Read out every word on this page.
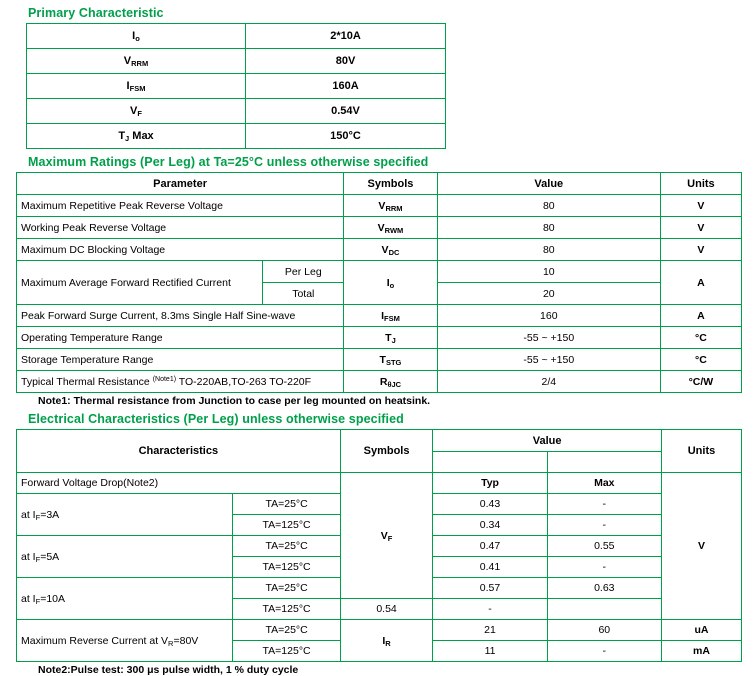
Primary Characteristic
$I_o$	2*10A
$V_{RRM}$	80V
$I_{FSM}$	160A
$V_F$	0.54V
$T_J$ Max	150°C
Maximum Ratings (Per Leg) at Ta=25°C unless otherwise specified
Parameter		Symbols	Value	Units
Maximum Repetitive Peak Reverse Voltage		$V_{RRM}$	80	V
Working Peak Reverse Voltage		$V_{RWM}$	80	V
Maximum DC Blocking Voltage		$V_{DC}$	80	V
Maximum Average Forward Rectified Current	Per Leg	$I_o$	10	A
	Total		20	
Peak Forward Surge Current, 8.3ms Single Half Sine-wave		$I_{FSM}$	160	A
Operating Temperature Range		$T_J$	-55 ~ +150	°C
Storage Temperature Range		$T_{STG}$	-55 ~ +150	°C
Typical Thermal Resistance $^{(Note1)}$ TO-220AB,TO-263 TO-220F		$R_{\theta JC}$	2/4	°C/W
Note1: Thermal resistance from Junction to case per leg mounted on heatsink.
Electrical Characteristics (Per Leg) unless otherwise specified
Characteristics		Symbols	Value		Units

Forward Voltage Drop(Note2)		$V_F$	Typ	Max	V
at $I_F=3A$	TA=25°C		0.43	-	
	TA=125°C		0.34	-	
at $I_F=5A$	TA=25°C		0.47	0.55	
	TA=125°C		0.41	-	
at $I_F=10A$	TA=25°C		0.57	0.63	
	TA=125°C	0.54	-		
Maximum Reverse Current at $V_R=80V$	TA=25°C	$I_R$	21	60	uA
	TA=125°C		11	-	mA
Note2:Pulse test: 300 μs pulse width, 1 % duty cycle
